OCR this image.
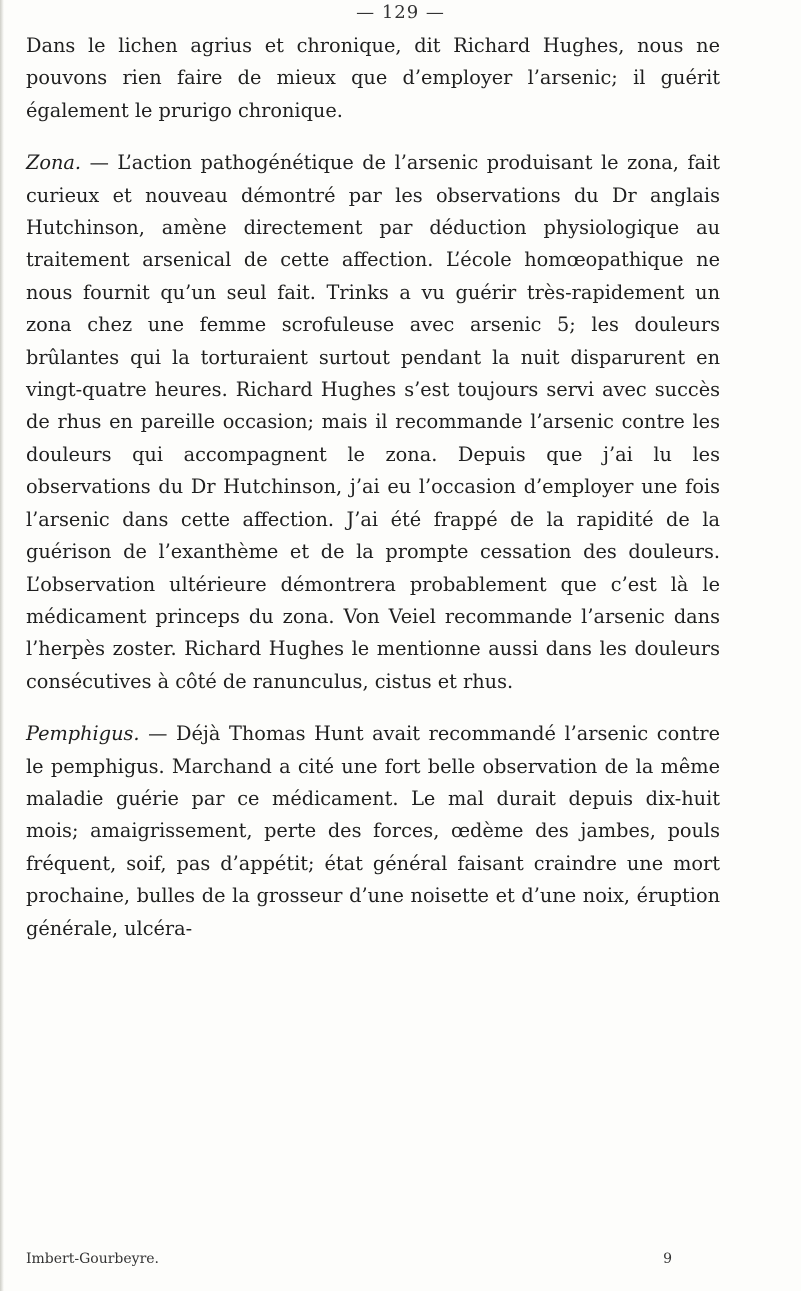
— 129 —

Dans le lichen agrius et chronique, dit Richard Hughes, nous ne pouvons rien faire de mieux que d’employer l’arsenic; il guérit également le prurigo chronique.

Zona. — L’action pathogénétique de l’arsenic produisant le zona, fait curieux et nouveau démontré par les observations du Dr anglais Hutchinson, amène directement par déduction physiologique au traitement arsenical de cette affection. L’école homœopathique ne nous fournit qu’un seul fait. Trinks a vu guérir très-rapidement un zona chez une femme scrofuleuse avec arsenic 5; les douleurs brûlantes qui la torturaient surtout pendant la nuit disparurent en vingt-quatre heures. Richard Hughes s’est toujours servi avec succès de rhus en pareille occasion; mais il recommande l’arsenic contre les douleurs qui accompagnent le zona. Depuis que j’ai lu les observations du Dr Hutchinson, j’ai eu l’occasion d’employer une fois l’arsenic dans cette affection. J’ai été frappé de la rapidité de la guérison de l’exanthème et de la prompte cessation des douleurs. L’observation ultérieure démontrera probablement que c’est là le médicament princeps du zona. Von Veiel recommande l’arsenic dans l’herpès zoster. Richard Hughes le mentionne aussi dans les douleurs consécutives à côté de ranunculus, cistus et rhus.

Pemphigus. — Déjà Thomas Hunt avait recommandé l’arsenic contre le pemphigus. Marchand a cité une fort belle observation de la même maladie guérie par ce médicament. Le mal durait depuis dix-huit mois; amaigrissement, perte des forces, œdème des jambes, pouls fréquent, soif, pas d’appétit; état général faisant craindre une mort prochaine, bulles de la grosseur d’une noisette et d’une noix, éruption générale, ulcéra-

Imbert-Gourbeyre.	9
